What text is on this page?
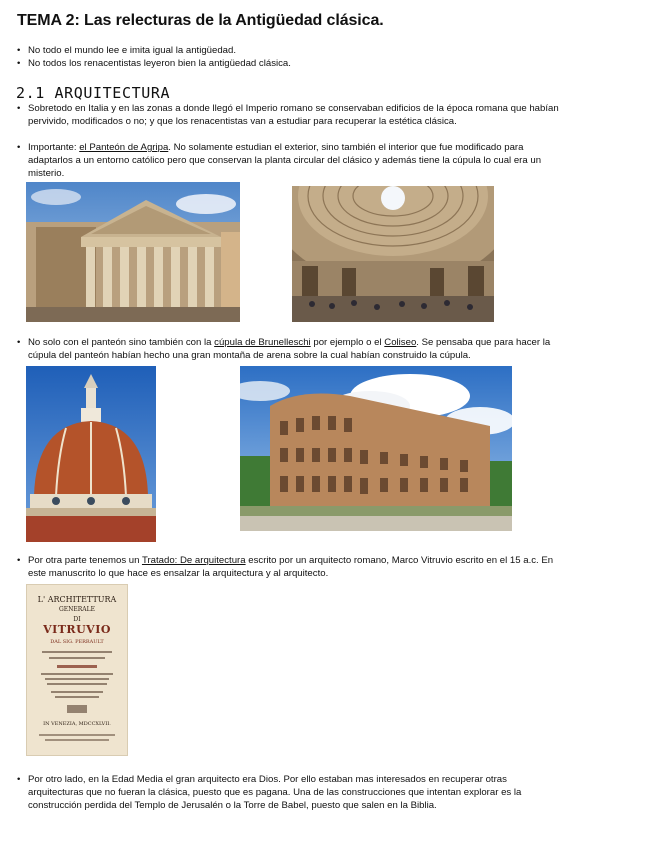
TEMA 2: Las relecturas de la Antigüedad clásica.
• No todo el mundo lee e imita igual la antigüedad.
• No todos los renacentistas leyeron bien la antigüedad clásica.
2.1 ARQUITECTURA
• Sobretodo en Italia y en las zonas a donde llegó el Imperio romano se conservaban edificios de la época romana que habían
pervivido, modificados o no; y que los renacentistas van a estudiar para recuperar la estética clásica.
• Importante: el Panteón de Agripa. No solamente estudian el exterior, sino también el interior que fue modificado para
adaptarlos a un entorno católico pero que conservan la planta circular del clásico y además tiene la cúpula lo cual era un
misterio.
• No solo con el panteón sino también con la cúpula de Brunelleschi por ejemplo o el Coliseo. Se pensaba que para hacer la
cúpula del panteón habían hecho una gran montaña de arena sobre la cual habían construido la cúpula.
• Por otra parte tenemos un Tratado: De arquitectura escrito por un arquitecto romano, Marco Vitruvio escrito en el 15 a.c. En
este manuscrito lo que hace es ensalzar la arquitectura y al arquitecto.
L' ARCHITETTURA
GENERALE
DI
VITRUVIO
DAL SIG. PERRAULT
IN VENEZIA, MDCCXLVII.
• Por otro lado, en la Edad Media el gran arquitecto era Dios. Por ello estaban mas interesados en recuperar otras
arquitecturas que no fueran la clásica, puesto que es pagana. Una de las construcciones que intentan explorar es la
construcción perdida del Templo de Jerusalén o la Torre de Babel, puesto que salen en la Biblia.
